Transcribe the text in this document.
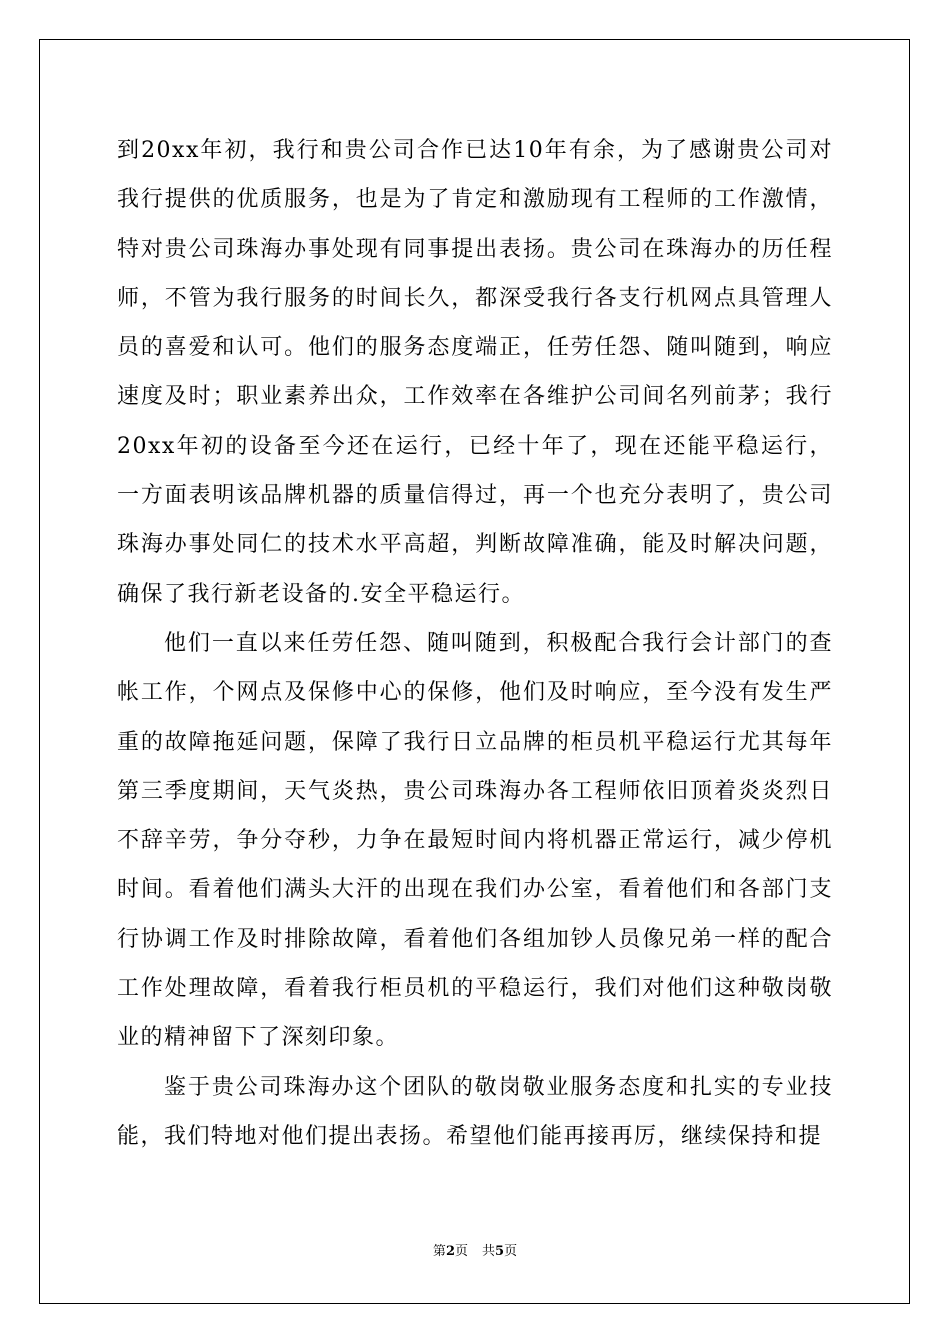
到20xx年初，我行和贵公司合作已达10年有余，为了感谢贵公司对我行提供的优质服务，也是为了肯定和激励现有工程师的工作激情，特对贵公司珠海办事处现有同事提出表扬。贵公司在珠海办的历任程师，不管为我行服务的时间长久，都深受我行各支行机网点具管理人员的喜爱和认可。他们的服务态度端正，任劳任怨、随叫随到，响应速度及时；职业素养出众，工作效率在各维护公司间名列前茅；我行20xx年初的设备至今还在运行，已经十年了，现在还能平稳运行，一方面表明该品牌机器的质量信得过，再一个也充分表明了，贵公司珠海办事处同仁的技术水平高超，判断故障准确，能及时解决问题，确保了我行新老设备的.安全平稳运行。

他们一直以来任劳任怨、随叫随到，积极配合我行会计部门的查帐工作，个网点及保修中心的保修，他们及时响应，至今没有发生严重的故障拖延问题，保障了我行日立品牌的柜员机平稳运行尤其每年第三季度期间，天气炎热，贵公司珠海办各工程师依旧顶着炎炎烈日不辞辛劳，争分夺秒，力争在最短时间内将机器正常运行，减少停机时间。看着他们满头大汗的出现在我们办公室，看着他们和各部门支行协调工作及时排除故障，看着他们各组加钞人员像兄弟一样的配合工作处理故障，看着我行柜员机的平稳运行，我们对他们这种敬岗敬业的精神留下了深刻印象。

鉴于贵公司珠海办这个团队的敬岗敬业服务态度和扎实的专业技能，我们特地对他们提出表扬。希望他们能再接再厉，继续保持和提

第2页 共5页
